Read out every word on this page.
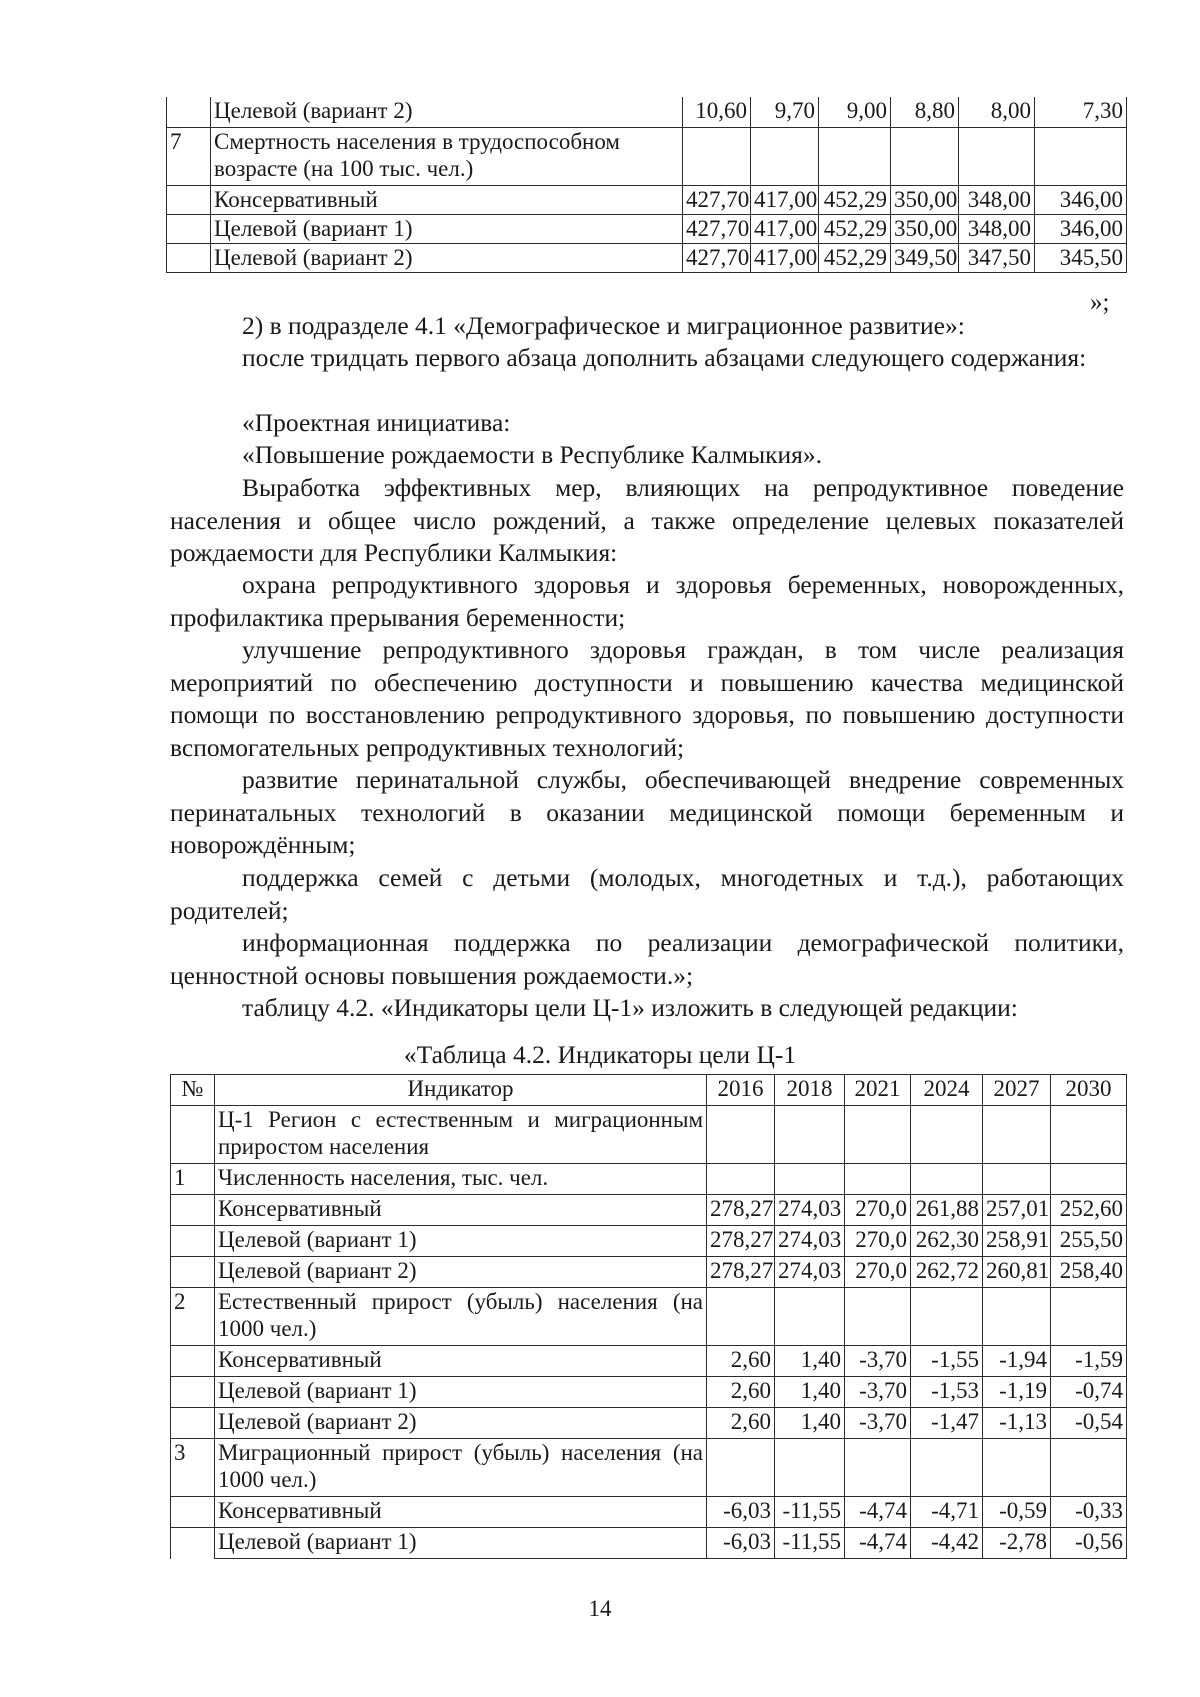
	Целевой (вариант 2)	10,60	9,70	9,00	8,80	8,00	7,30
7	Смертность населения в трудоспособном возрасте (на 100 тыс. чел.)						
	Консервативный	427,70	417,00	452,29	350,00	348,00	346,00
	Целевой (вариант 1)	427,70	417,00	452,29	350,00	348,00	346,00
	Целевой (вариант 2)	427,70	417,00	452,29	349,50	347,50	345,50
»;

2) в подразделе 4.1 «Демографическое и миграционное развитие»:

после тридцать первого абзаца дополнить абзацами следующего содержания:

«Проектная инициатива:

«Повышение рождаемости в Республике Калмыкия».

Выработка эффективных мер, влияющих на репродуктивное поведение населения и общее число рождений, а также определение целевых показателей рождаемости для Республики Калмыкия:

охрана репродуктивного здоровья и здоровья беременных, новорожденных, профилактика прерывания беременности;

улучшение репродуктивного здоровья граждан, в том числе реализация мероприятий по обеспечению доступности и повышению качества медицинской помощи по восстановлению репродуктивного здоровья, по повышению доступности вспомогательных репродуктивных технологий;

развитие перинатальной службы, обеспечивающей внедрение современных перинатальных технологий в оказании медицинской помощи беременным и новорождённым;

поддержка семей с детьми (молодых, многодетных и т.д.), работающих родителей;

информационная поддержка по реализации демографической политики, ценностной основы повышения рождаемости.»;

таблицу 4.2. «Индикаторы цели Ц-1» изложить в следующей редакции:

«Таблица 4.2. Индикаторы цели Ц-1
№	Индикатор	2016	2018	2021	2024	2027	2030
	Ц-1 Регион с естественным и миграционным приростом населения						
1	Численность населения, тыс. чел.						
	Консервативный	278,27	274,03	270,0	261,88	257,01	252,60
	Целевой (вариант 1)	278,27	274,03	270,0	262,30	258,91	255,50
	Целевой (вариант 2)	278,27	274,03	270,0	262,72	260,81	258,40
2	Естественный прирост (убыль) населения (на 1000 чел.)						
	Консервативный	2,60	1,40	-3,70	-1,55	-1,94	-1,59
	Целевой (вариант 1)	2,60	1,40	-3,70	-1,53	-1,19	-0,74
	Целевой (вариант 2)	2,60	1,40	-3,70	-1,47	-1,13	-0,54
3	Миграционный прирост (убыль) населения (на 1000 чел.)						
	Консервативный	-6,03	-11,55	-4,74	-4,71	-0,59	-0,33
	Целевой (вариант 1)	-6,03	-11,55	-4,74	-4,42	-2,78	-0,56
14
